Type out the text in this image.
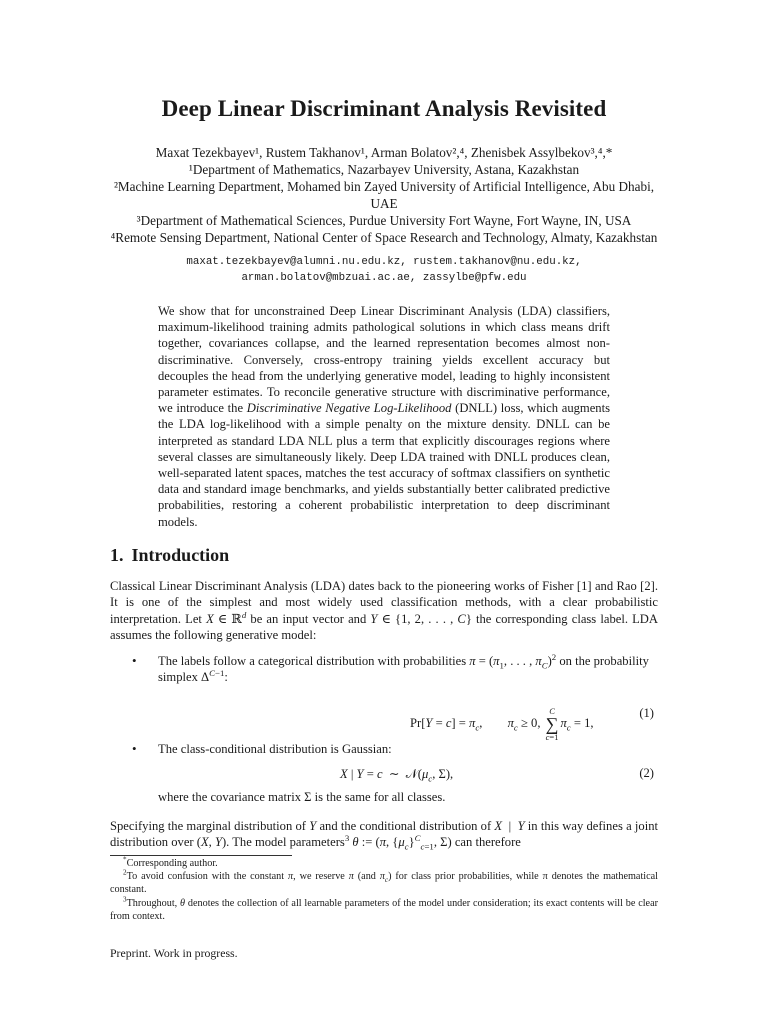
Deep Linear Discriminant Analysis Revisited
Maxat Tezekbayev¹, Rustem Takhanov¹, Arman Bolatov²,⁴, Zhenisbek Assylbekov³,⁴,*
¹Department of Mathematics, Nazarbayev University, Astana, Kazakhstan
²Machine Learning Department, Mohamed bin Zayed University of Artificial Intelligence, Abu Dhabi, UAE
³Department of Mathematical Sciences, Purdue University Fort Wayne, Fort Wayne, IN, USA
⁴Remote Sensing Department, National Center of Space Research and Technology, Almaty, Kazakhstan
maxat.tezekbayev@alumni.nu.edu.kz, rustem.takhanov@nu.edu.kz,
arman.bolatov@mbzuai.ac.ae, zassylbe@pfw.edu
We show that for unconstrained Deep Linear Discriminant Analysis (LDA) classifiers, maximum-likelihood training admits pathological solutions in which class means drift together, covariances collapse, and the learned representation becomes almost non-discriminative. Conversely, cross-entropy training yields excellent accuracy but decouples the head from the underlying generative model, leading to highly inconsistent parameter estimates. To reconcile generative structure with discriminative performance, we introduce the Discriminative Negative Log-Likelihood (DNLL) loss, which augments the LDA log-likelihood with a simple penalty on the mixture density. DNLL can be interpreted as standard LDA NLL plus a term that explicitly discourages regions where several classes are simultaneously likely. Deep LDA trained with DNLL produces clean, well-separated latent spaces, matches the test accuracy of softmax classifiers on synthetic data and standard image benchmarks, and yields substantially better calibrated predictive probabilities, restoring a coherent probabilistic interpretation to deep discriminant models.
1. Introduction
Classical Linear Discriminant Analysis (LDA) dates back to the pioneering works of Fisher [1] and Rao [2]. It is one of the simplest and most widely used classification methods, with a clear probabilistic interpretation. Let X ∈ ℝ$^d$ be an input vector and Y ∈ {1, 2, . . . , C} the corresponding class label. LDA assumes the following generative model:
• The labels follow a categorical distribution with probabilities $\pi = (\pi_1$, . . . , $\pi_C)^2$ on the probability simplex $\Delta^{C-1}$:
$Pr[Y = c] = \pi_c$,        $\pi_c \ge 0$,
C
∑
c=1
$\pi_c = 1$,
(1)
• The class-conditional distribution is Gaussian:
X | Y = c  ∼  $𝒩(\mu_c$, Σ),	(2)
where the covariance matrix Σ is the same for all classes.
Specifying the marginal distribution of Y and the conditional distribution of X  |  Y in this way defines a joint distribution over (X, Y). The model parameters$^3$ θ := (π, $\{\mu_c\}^C_{c=1}$, Σ) can therefore
*Corresponding author.
$^2$To avoid confusion with the constant π, we reserve π (and $\pi_c$) for class prior probabilities, while π denotes the mathematical constant.
$^3$Throughout, θ denotes the collection of all learnable parameters of the model under consideration; its exact contents will be clear from context.
Preprint. Work in progress.
